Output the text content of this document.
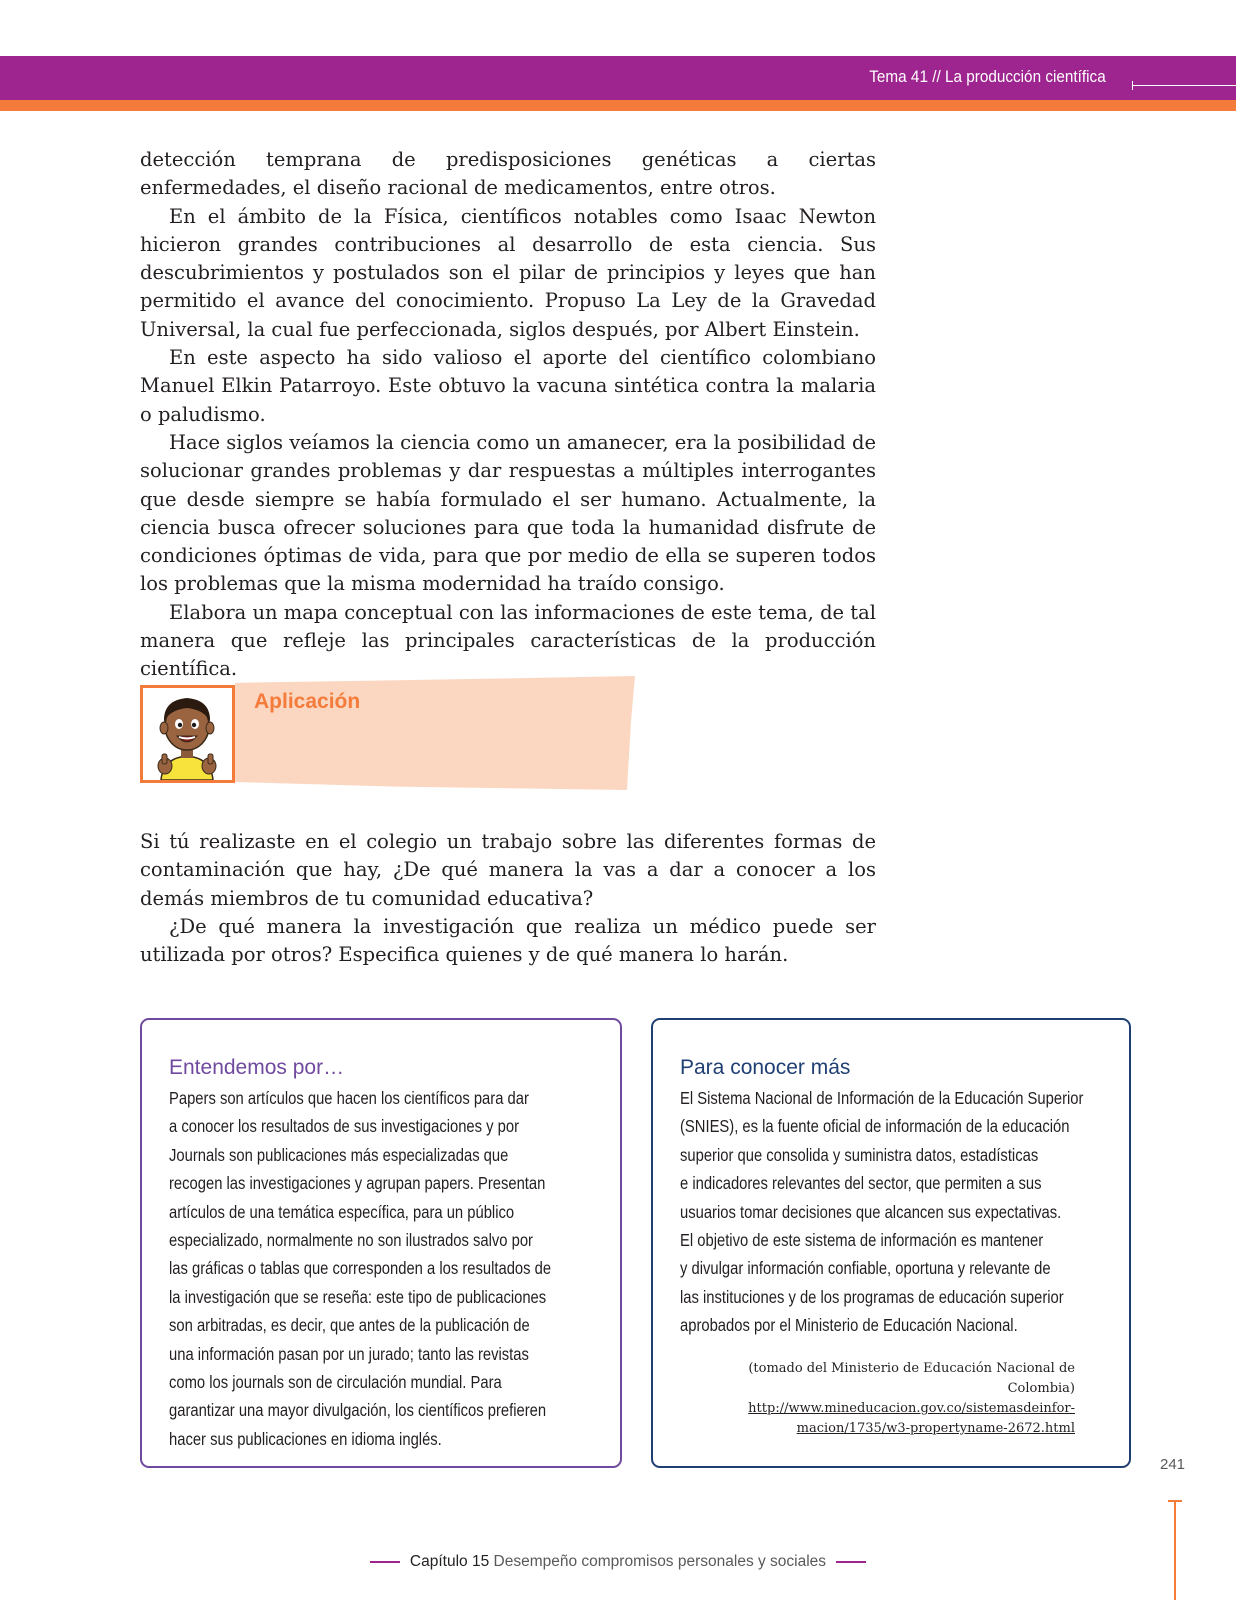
Tema 41 // La producción científica

detección temprana de predisposiciones genéticas a ciertas enfermedades, el diseño racional de medicamentos, entre otros.

En el ámbito de la Física, científicos notables como Isaac Newton hicieron grandes contribuciones al desarrollo de esta ciencia. Sus descubrimientos y postulados son el pilar de principios y leyes que han permitido el avance del conocimiento. Propuso La Ley de la Gravedad Universal, la cual fue perfeccionada, siglos después, por Albert Einstein.

En este aspecto ha sido valioso el aporte del científico colombiano Manuel Elkin Patarroyo. Este obtuvo la vacuna sintética contra la malaria o paludismo.

Hace siglos veíamos la ciencia como un amanecer, era la posibilidad de solucionar grandes problemas y dar respuestas a múltiples interrogantes que desde siempre se había formulado el ser humano. Actualmente, la ciencia busca ofrecer soluciones para que toda la humanidad disfrute de condiciones óptimas de vida, para que por medio de ella se superen todos los problemas que la misma modernidad ha traído consigo.

Elabora un mapa conceptual con las informaciones de este tema, de tal manera que refleje las principales características de la producción científica.

Aplicación

Si tú realizaste en el colegio un trabajo sobre las diferentes formas de contaminación que hay, ¿De qué manera la vas a dar a conocer a los demás miembros de tu comunidad educativa?

¿De qué manera la investigación que realiza un médico puede ser utilizada por otros? Especifica quienes y de qué manera lo harán.

Entendemos por…

Papers son artículos que hacen los científicos para dar
a conocer los resultados de sus investigaciones y por
Journals son publicaciones más especializadas que
recogen las investigaciones y agrupan papers. Presentan
artículos de una temática específica, para un público
especializado, normalmente no son ilustrados salvo por
las gráficas o tablas que corresponden a los resultados de
la investigación que se reseña: este tipo de publicaciones
son arbitradas, es decir, que antes de la publicación de
una información pasan por un jurado; tanto las revistas
como los journals son de circulación mundial. Para
garantizar una mayor divulgación, los científicos prefieren
hacer sus publicaciones en idioma inglés.

Para conocer más

El Sistema Nacional de Información de la Educación Superior
(SNIES), es la fuente oficial de información de la educación
superior que consolida y suministra datos, estadísticas
e indicadores relevantes del sector, que permiten a sus
usuarios tomar decisiones que alcancen sus expectativas.
El objetivo de este sistema de información es mantener
y divulgar información confiable, oportuna y relevante de
las instituciones y de los programas de educación superior
aprobados por el Ministerio de Educación Nacional.

(tomado del Ministerio de Educación Nacional de Colombia)
http://www.mineducacion.gov.co/sistemasdeinfor-
macion/1735/w3-propertyname-2672.html
241
Capítulo 15 Desempeño compromisos personales y sociales
